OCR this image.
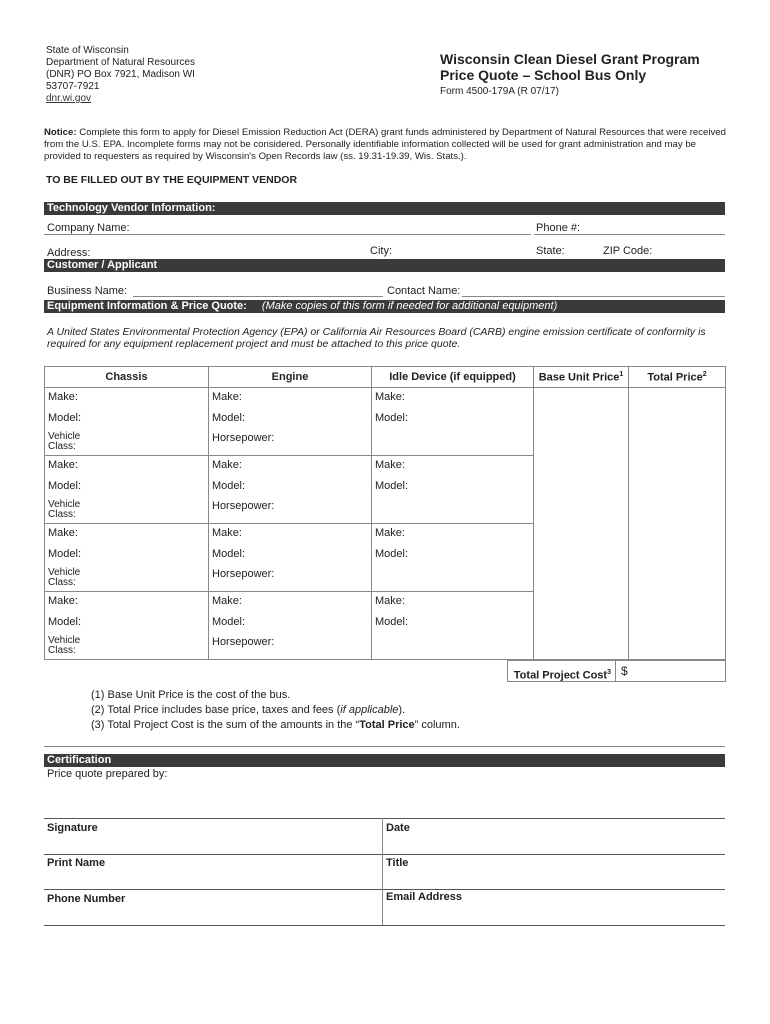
State of Wisconsin
Department of Natural Resources
(DNR) PO Box 7921, Madison WI
53707-7921
dnr.wi.gov
Wisconsin Clean Diesel Grant Program
Price Quote – School Bus Only
Form 4500-179A (R 07/17)
Notice: Complete this form to apply for Diesel Emission Reduction Act (DERA) grant funds administered by Department of Natural Resources that were received from the U.S. EPA. Incomplete forms may not be considered. Personally identifiable information collected will be used for grant administration and may be provided to requesters as required by Wisconsin's Open Records law (ss. 19.31-19.39, Wis. Stats.).
TO BE FILLED OUT BY THE EQUIPMENT VENDOR
Technology Vendor Information:
Company Name:	Phone #:
Address:	City:	State:	ZIP Code:
Customer / Applicant
Business Name:	Contact Name:
Equipment Information & Price Quote: (Make copies of this form if needed for additional equipment)
A United States Environmental Protection Agency (EPA) or California Air Resources Board (CARB) engine emission certificate of conformity is required for any equipment replacement project and must be attached to this price quote.
Chassis	Engine	Idle Device (if equipped)	Base Unit Price$^1$	Total Price$^2$

Make:	Make:	Make:		

Model:	Model:	Model:		

Vehicle
Class:	Horsepower:			

Make:	Make:	Make:		

Model:	Model:	Model:		

Vehicle
Class:	Horsepower:			

Make:	Make:	Make:		

Model:	Model:	Model:		

Vehicle
Class:	Horsepower:			

Make:	Make:	Make:		

Model:	Model:	Model:		

Vehicle
Class:	Horsepower:			

Total Project Cost$^3$ $
(1) Base Unit Price is the cost of the bus.
(2) Total Price includes base price, taxes and fees (if applicable).
(3) Total Project Cost is the sum of the amounts in the “Total Price” column.
Certification
Price quote prepared by:
Signature	Date
Print Name	Title
Phone Number	Email Address
